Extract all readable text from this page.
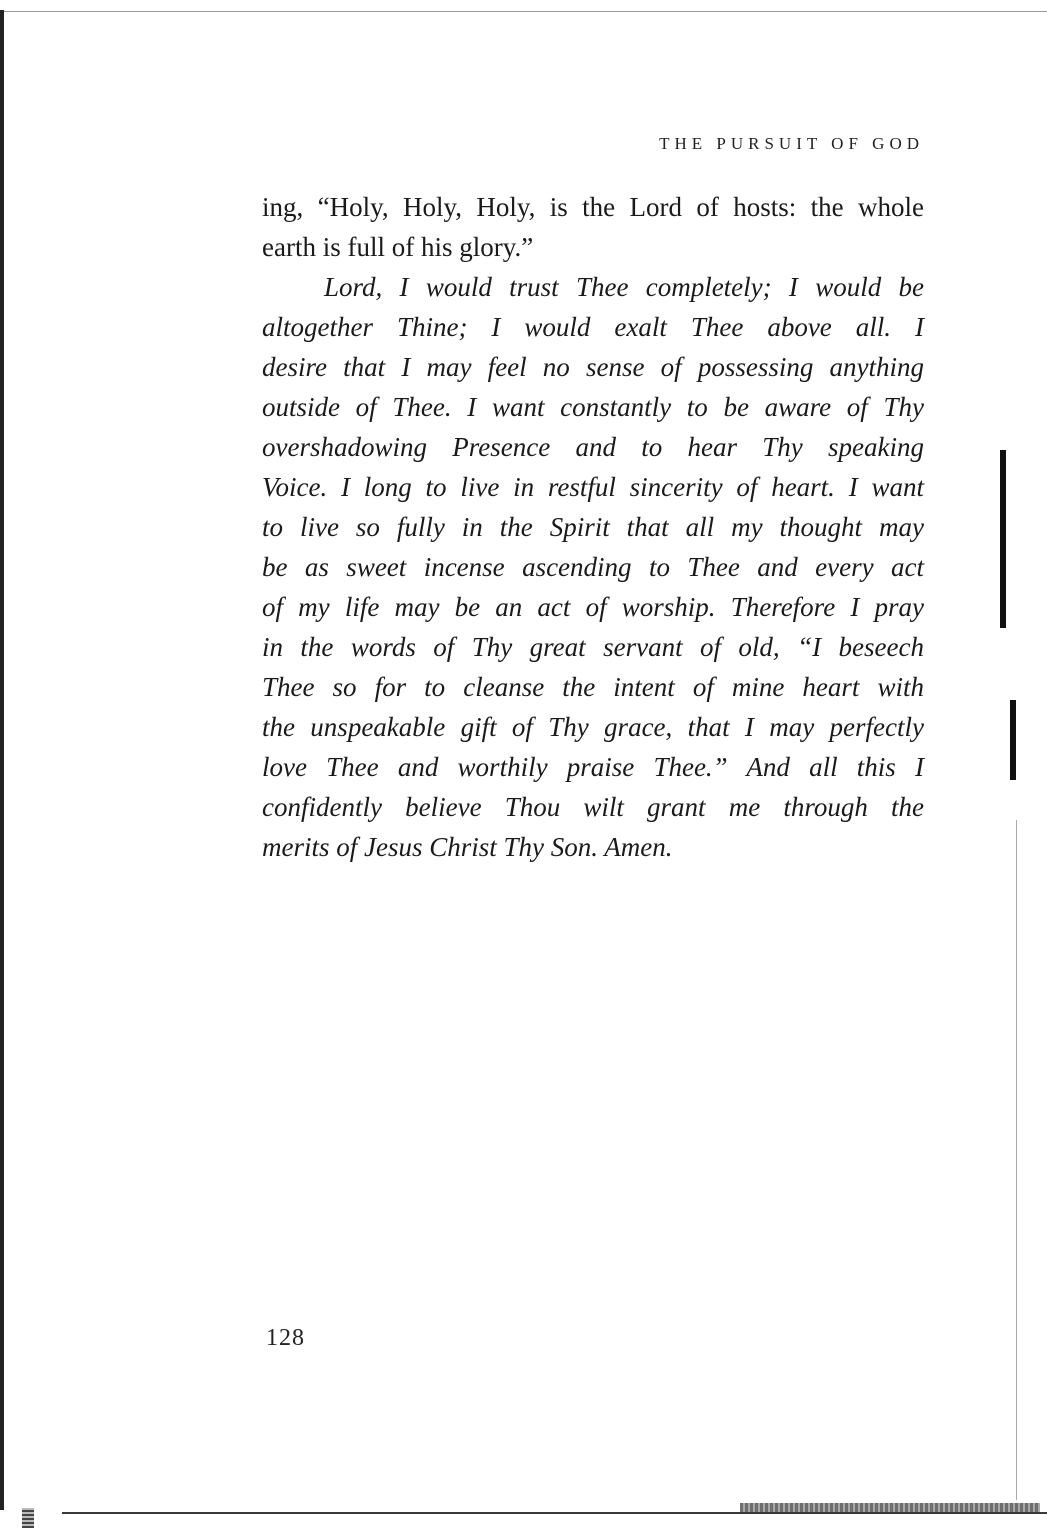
THE PURSUIT OF GOD
ing, “Holy, Holy, Holy, is the Lord of hosts: the whole
earth is full of his glory.”
Lord, I would trust Thee completely; I would be
altogether Thine; I would exalt Thee above all. I
desire that I may feel no sense of possessing anything
outside of Thee. I want constantly to be aware of Thy
overshadowing Presence and to hear Thy speaking
Voice. I long to live in restful sincerity of heart. I want
to live so fully in the Spirit that all my thought may
be as sweet incense ascending to Thee and every act
of my life may be an act of worship. Therefore I pray
in the words of Thy great servant of old, “I beseech
Thee so for to cleanse the intent of mine heart with
the unspeakable gift of Thy grace, that I may perfectly
love Thee and worthily praise Thee.” And all this I
confidently believe Thou wilt grant me through the
merits of Jesus Christ Thy Son. Amen.
128
